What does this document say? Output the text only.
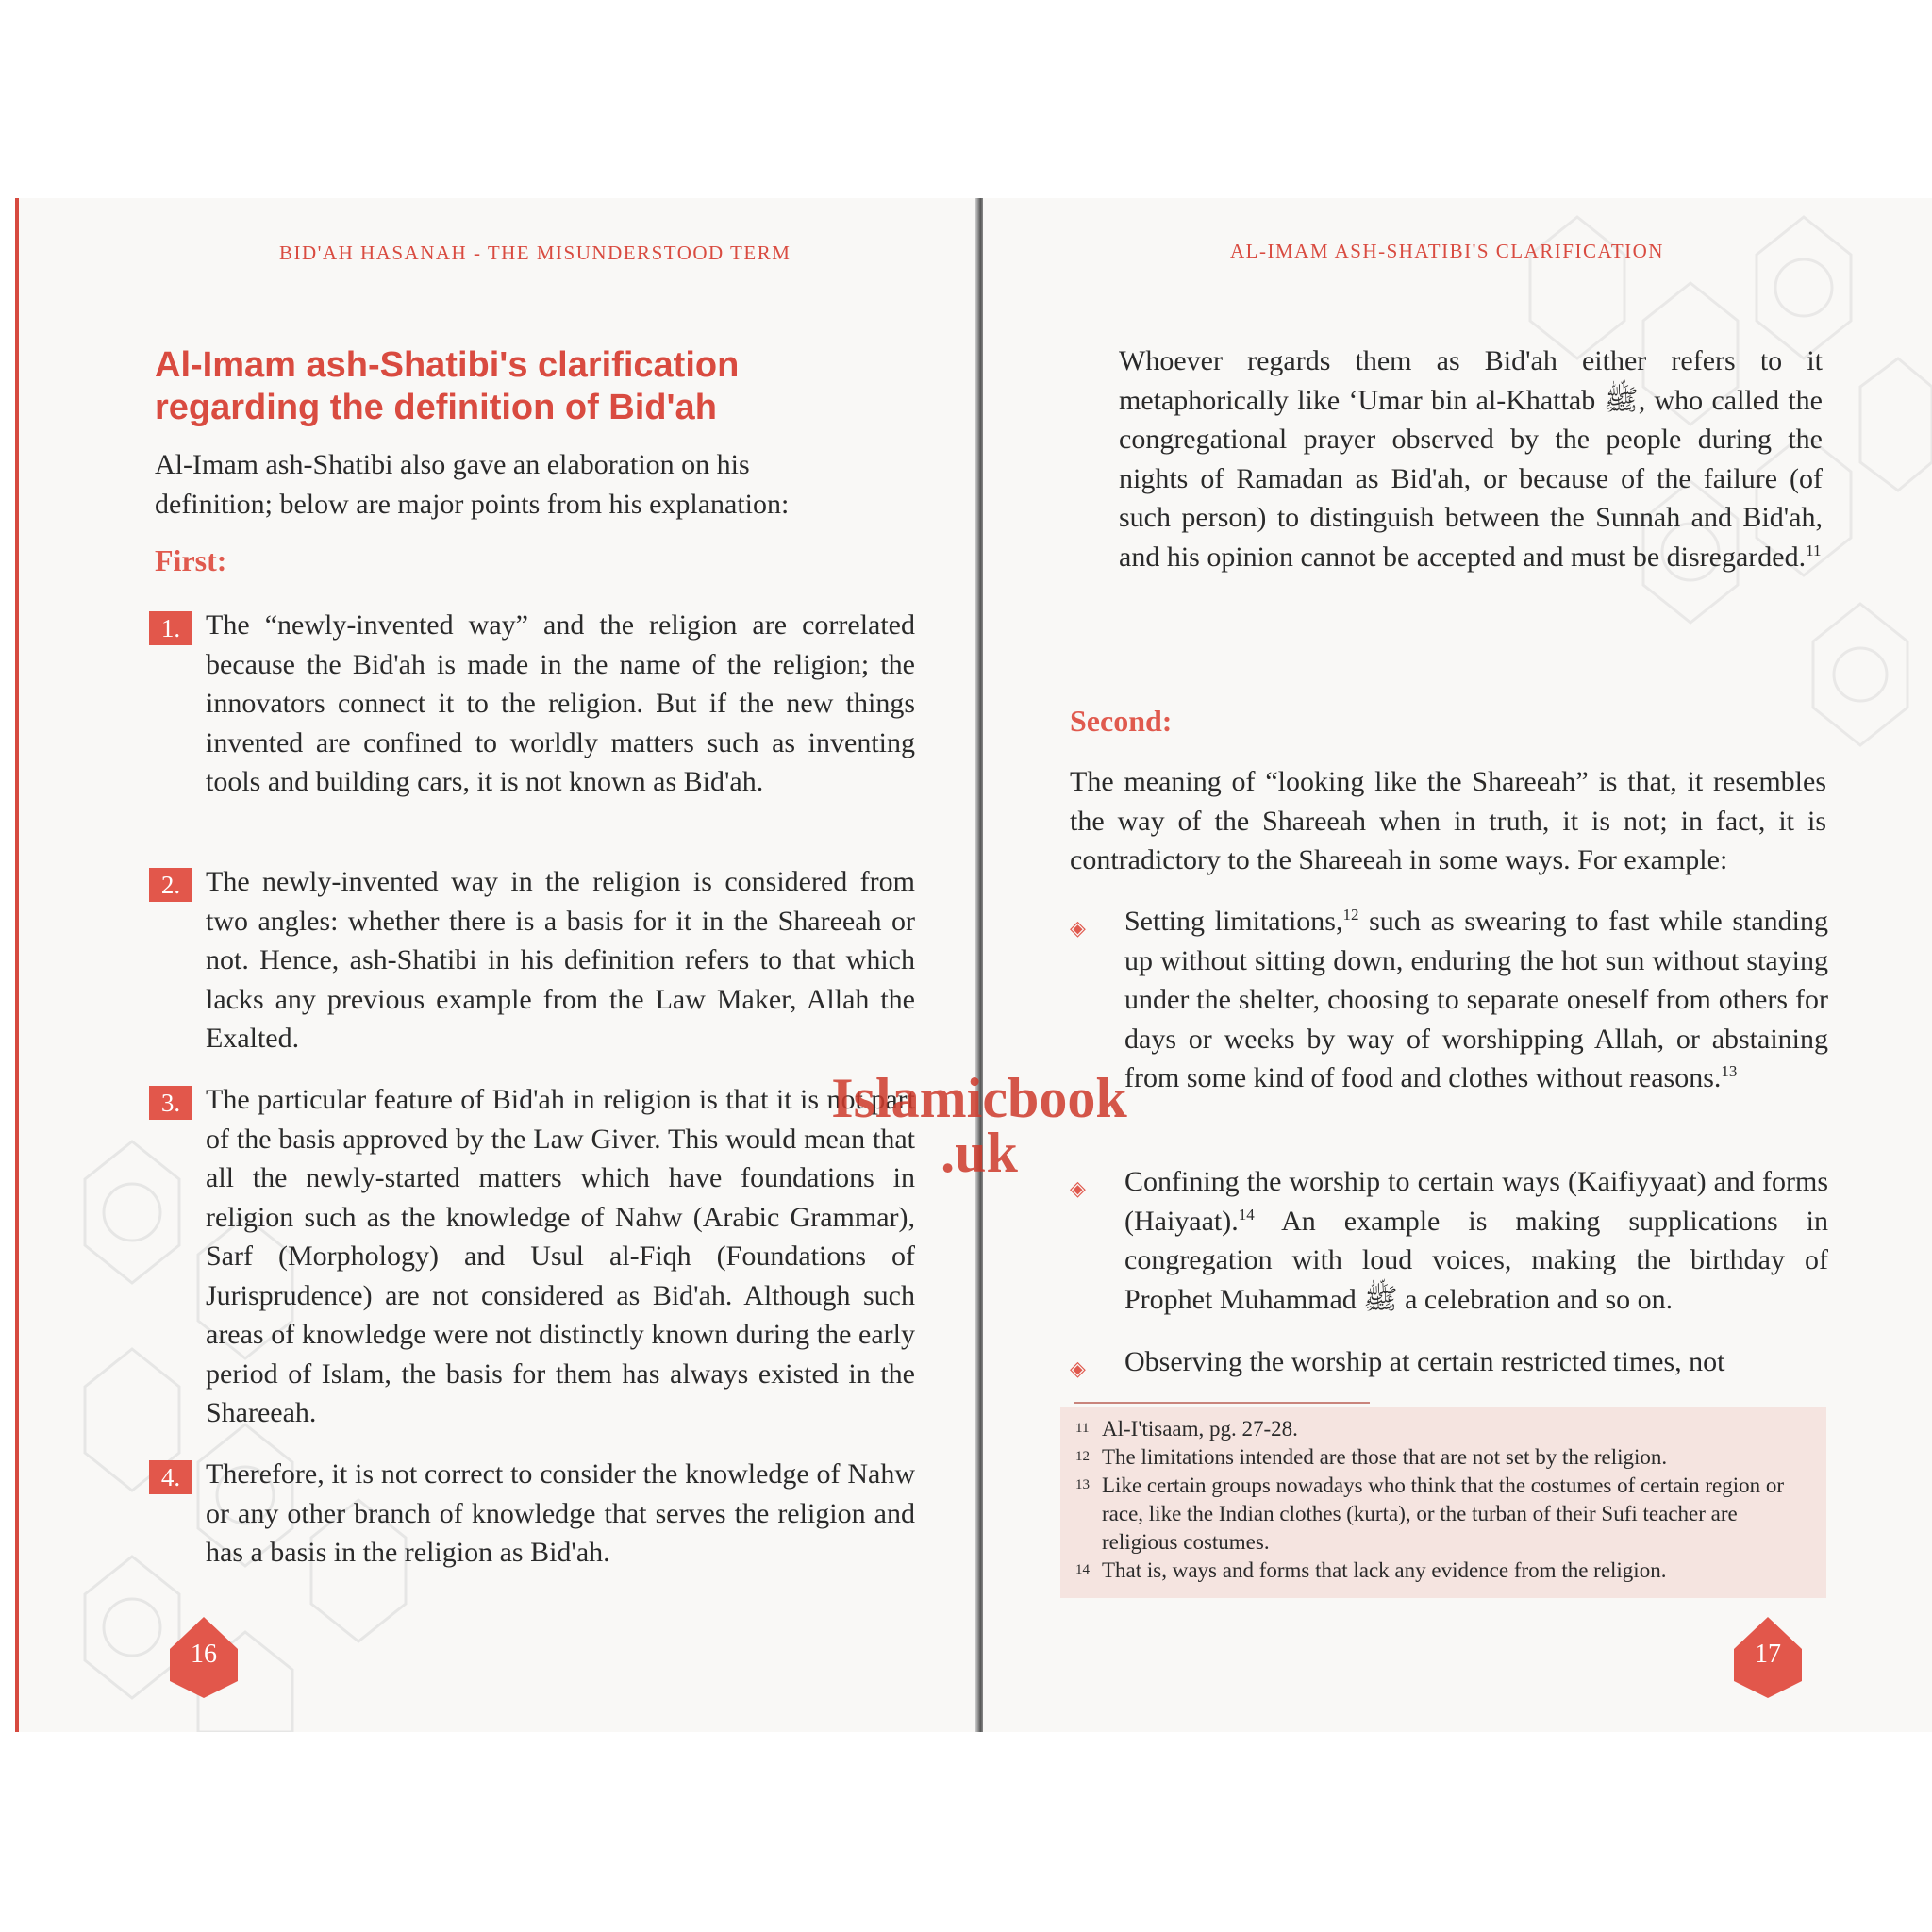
BID'AH HASANAH - THE MISUNDERSTOOD TERM
Al-Imam ash-Shatibi's clarification regarding the definition of Bid'ah
Al-Imam ash-Shatibi also gave an elaboration on his definition; below are major points from his explanation:
First:
1. The “newly-invented way” and the religion are correlated because the Bid'ah is made in the name of the religion; the innovators connect it to the religion. But if the new things invented are confined to worldly matters such as inventing tools and building cars, it is not known as Bid'ah.
2. The newly-invented way in the religion is considered from two angles: whether there is a basis for it in the Shareeah or not. Hence, ash-Shatibi in his definition refers to that which lacks any previous example from the Law Maker, Allah the Exalted.
3. The particular feature of Bid'ah in religion is that it is not part of the basis approved by the Law Giver. This would mean that all the newly-started matters which have foundations in religion such as the knowledge of Nahw (Arabic Grammar), Sarf (Morphology) and Usul al-Fiqh (Foundations of Jurisprudence) are not considered as Bid'ah. Although such areas of knowledge were not distinctly known during the early period of Islam, the basis for them has always existed in the Shareeah.
4. Therefore, it is not correct to consider the knowledge of Nahw or any other branch of knowledge that serves the religion and has a basis in the religion as Bid'ah.
16
AL-IMAM ASH-SHATIBI'S CLARIFICATION
Whoever regards them as Bid'ah either refers to it metaphorically like ‘Umar bin al-Khattab ﷺ, who called the congregational prayer observed by the people during the nights of Ramadan as Bid'ah, or because of the failure (of such person) to distinguish between the Sunnah and Bid'ah, and his opinion cannot be accepted and must be disregarded.$^{11}$
Second:
The meaning of “looking like the Shareeah” is that, it resembles the way of the Shareeah when in truth, it is not; in fact, it is contradictory to the Shareeah in some ways. For example:
◈ Setting limitations,$^{12}$ such as swearing to fast while standing up without sitting down, enduring the hot sun without staying under the shelter, choosing to separate oneself from others for days or weeks by way of worshipping Allah, or abstaining from some kind of food and clothes without reasons.$^{13}$
◈ Confining the worship to certain ways (Kaifiyyaat) and forms (Haiyaat).$^{14}$ An example is making supplications in congregation with loud voices, making the birthday of Prophet Muhammad ﷺ a celebration and so on.
◈ Observing the worship at certain restricted times, not
11 Al-I'tisaam, pg. 27-28.
12 The limitations intended are those that are not set by the religion.
13 Like certain groups nowadays who think that the costumes of certain region or race, like the Indian clothes (kurta), or the turban of their Sufi teacher are religious costumes.
14 That is, ways and forms that lack any evidence from the religion.
17
Islamicbook
.uk
